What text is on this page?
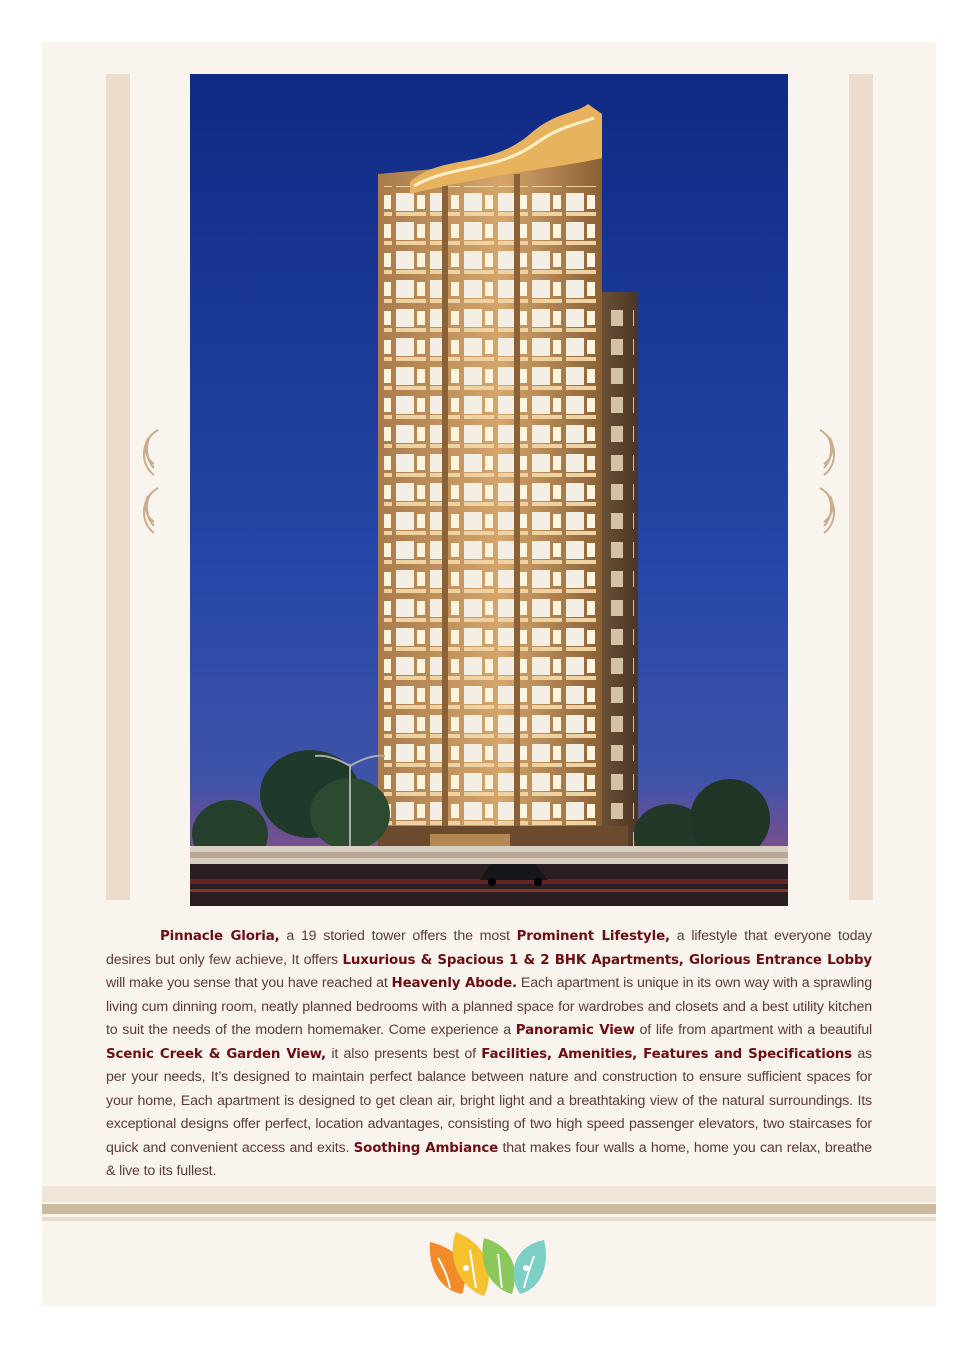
Pinnacle Gloria, a 19 storied tower offers the most Prominent Lifestyle, a lifestyle that everyone today desires but only few achieve, It offers Luxurious & Spacious 1 & 2 BHK Apartments, Glorious Entrance Lobby will make you sense that you have reached at Heavenly Abode. Each apartment is unique in its own way with a sprawling living cum dinning room, neatly planned bedrooms with a planned space for wardrobes and closets and a best utility kitchen to suit the needs of the modern homemaker. Come experience a Panoramic View of life from apartment with a beautiful Scenic Creek & Garden View, it also presents best of Facilities, Amenities, Features and Specifications as per your needs, It’s designed to maintain perfect balance between nature and construction to ensure sufficient spaces for your home, Each apartment is designed to get clean air, bright light and a breathtaking view of the natural surroundings. Its exceptional designs offer perfect, location advantages, consisting of two high speed passenger elevators, two staircases for quick and convenient access and exits. Soothing Ambiance that makes four walls a home, home you can relax, breathe & live to its fullest.
